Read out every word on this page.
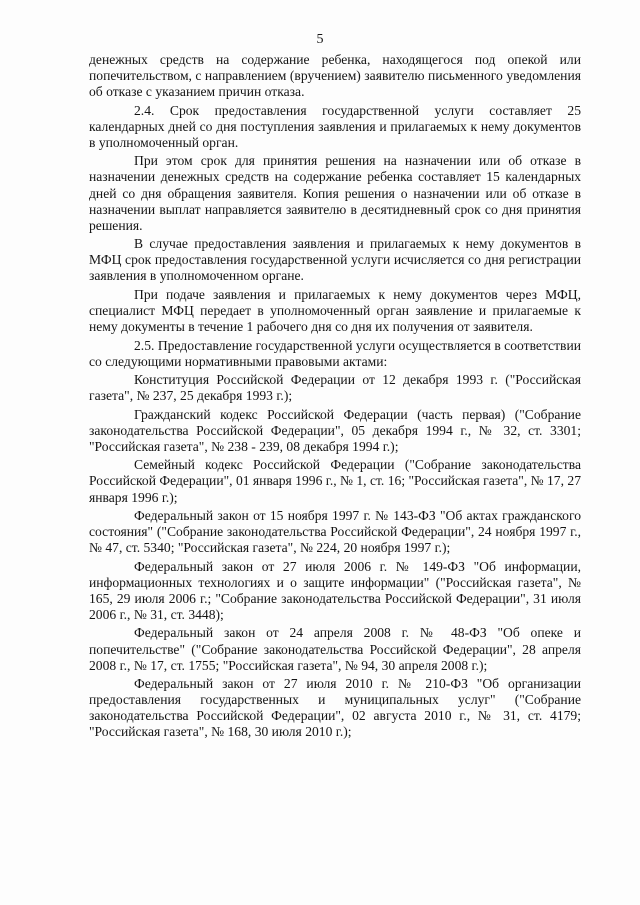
5

денежных средств на содержание ребенка, находящегося под опекой или попечительством, с направлением (вручением) заявителю письменного уведомления об отказе с указанием причин отказа.

2.4. Срок предоставления государственной услуги составляет 25 календарных дней со дня поступления заявления и прилагаемых к нему документов в уполномоченный орган.

При этом срок для принятия решения на назначении или об отказе в назначении денежных средств на содержание ребенка составляет 15 календарных дней со дня обращения заявителя. Копия решения о назначении или об отказе в назначении выплат направляется заявителю в десятидневный срок со дня принятия решения.

В случае предоставления заявления и прилагаемых к нему документов в МФЦ срок предоставления государственной услуги исчисляется со дня регистрации заявления в уполномоченном органе.

При подаче заявления и прилагаемых к нему документов через МФЦ, специалист МФЦ передает в уполномоченный орган заявление и прилагаемые к нему документы в течение 1 рабочего дня со дня их получения от заявителя.

2.5. Предоставление государственной услуги осуществляется в соответствии со следующими нормативными правовыми актами:

Конституция Российской Федерации от 12 декабря 1993 г. ("Российская газета", № 237, 25 декабря 1993 г.);

Гражданский кодекс Российской Федерации (часть первая) ("Собрание законодательства Российской Федерации", 05 декабря 1994 г., № 32, ст. 3301; "Российская газета", № 238 - 239, 08 декабря 1994 г.);

Семейный кодекс Российской Федерации ("Собрание законодательства Российской Федерации", 01 января 1996 г., № 1, ст. 16; "Российская газета", № 17, 27 января 1996 г.);

Федеральный закон от 15 ноября 1997 г. № 143-ФЗ "Об актах гражданского состояния" ("Собрание законодательства Российской Федерации", 24 ноября 1997 г., № 47, ст. 5340; "Российская газета", № 224, 20 ноября 1997 г.);

Федеральный закон от 27 июля 2006 г. № 149-ФЗ "Об информации, информационных технологиях и о защите информации" ("Российская газета", № 165, 29 июля 2006 г.; "Собрание законодательства Российской Федерации", 31 июля 2006 г., № 31, ст. 3448);

Федеральный закон от 24 апреля 2008 г. № 48-ФЗ "Об опеке и попечительстве" ("Собрание законодательства Российской Федерации", 28 апреля 2008 г., № 17, ст. 1755; "Российская газета", № 94, 30 апреля 2008 г.);

Федеральный закон от 27 июля 2010 г. № 210-ФЗ "Об организации предоставления государственных и муниципальных услуг" ("Собрание законодательства Российской Федерации", 02 августа 2010 г., № 31, ст. 4179; "Российская газета", № 168, 30 июля 2010 г.);
